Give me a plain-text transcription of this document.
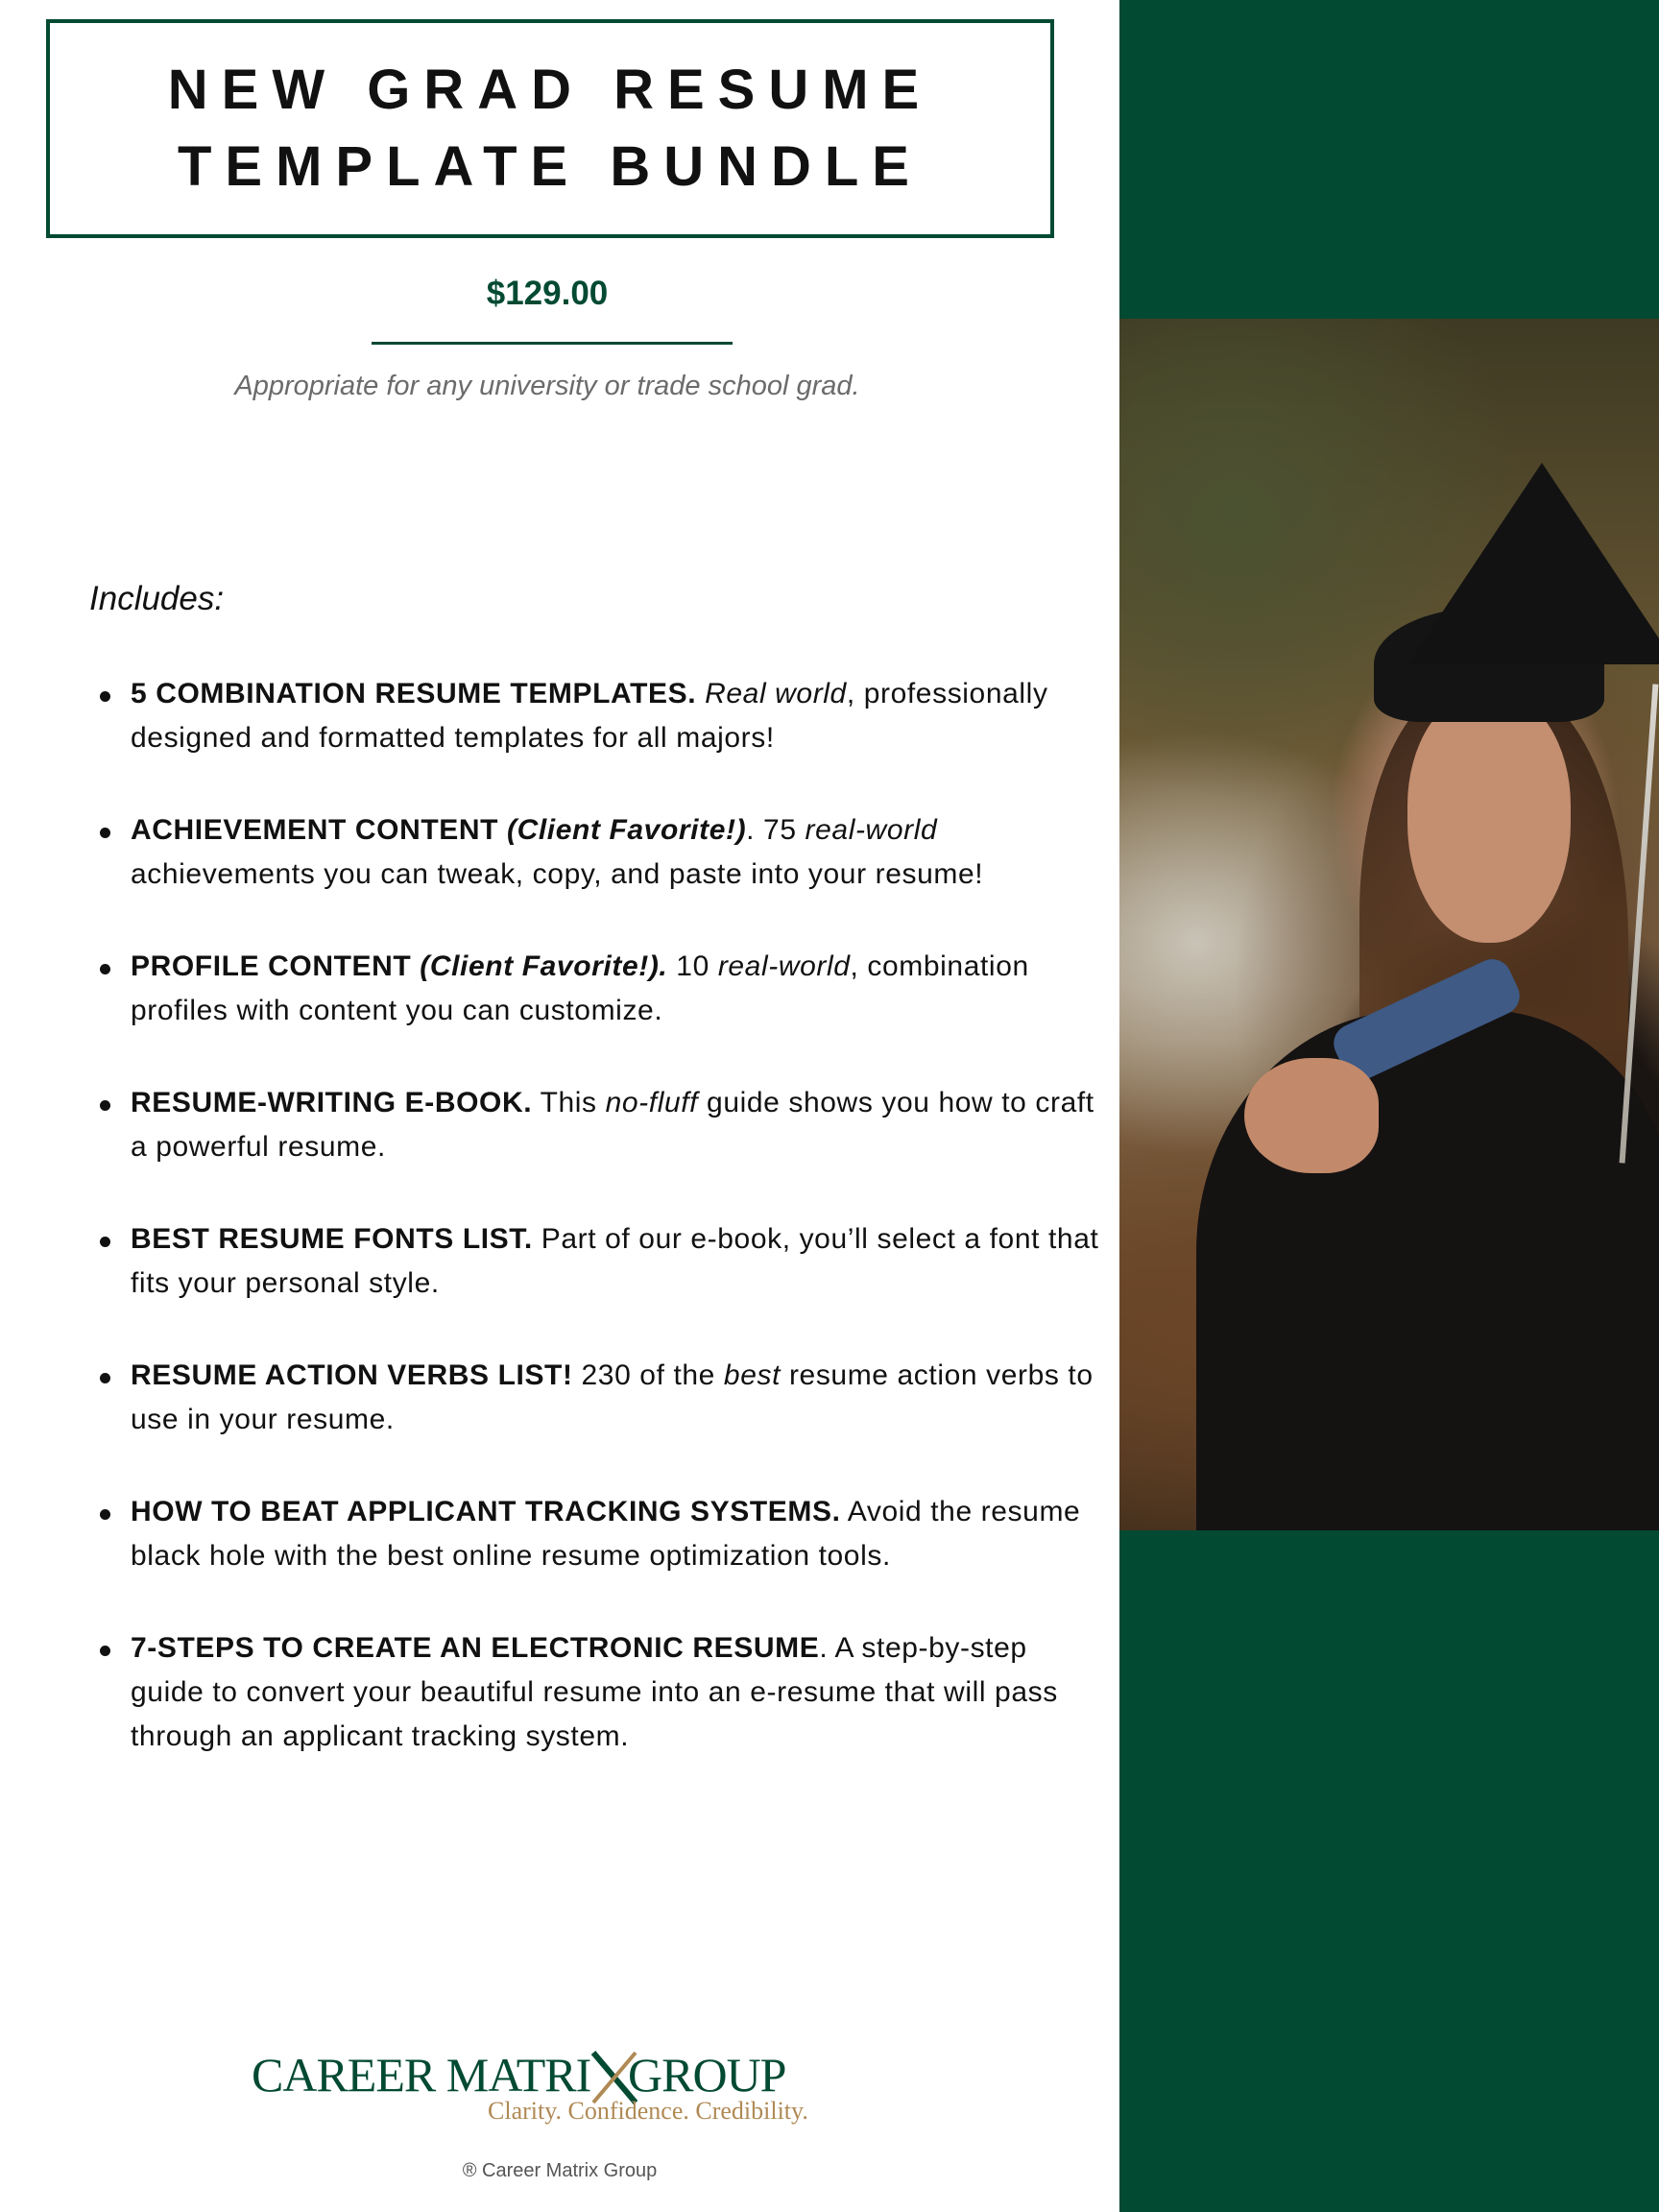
NEW GRAD RESUME
TEMPLATE BUNDLE
$129.00
Appropriate for any university or trade school grad.
Includes:
5 COMBINATION RESUME TEMPLATES. Real world, professionally designed and formatted templates for all majors!
ACHIEVEMENT CONTENT (Client Favorite!). 75 real-world achievements you can tweak, copy, and paste into your resume!
PROFILE CONTENT (Client Favorite!). 10 real-world, combination profiles with content you can customize.
RESUME-WRITING E-BOOK. This no-fluff guide shows you how to craft a powerful resume.
BEST RESUME FONTS LIST. Part of our e-book, you’ll select a font that fits your personal style.
RESUME ACTION VERBS LIST! 230 of the best resume action verbs to use in your resume.
HOW TO BEAT APPLICANT TRACKING SYSTEMS. Avoid the resume black hole with the best online resume optimization tools.
7-STEPS TO CREATE AN ELECTRONIC RESUME. A step-by-step guide to convert your beautiful resume into an e-resume that will pass through an applicant tracking system.
CAREER MATRI GROUP
Clarity. Confidence. Credibility.
® Career Matrix Group
